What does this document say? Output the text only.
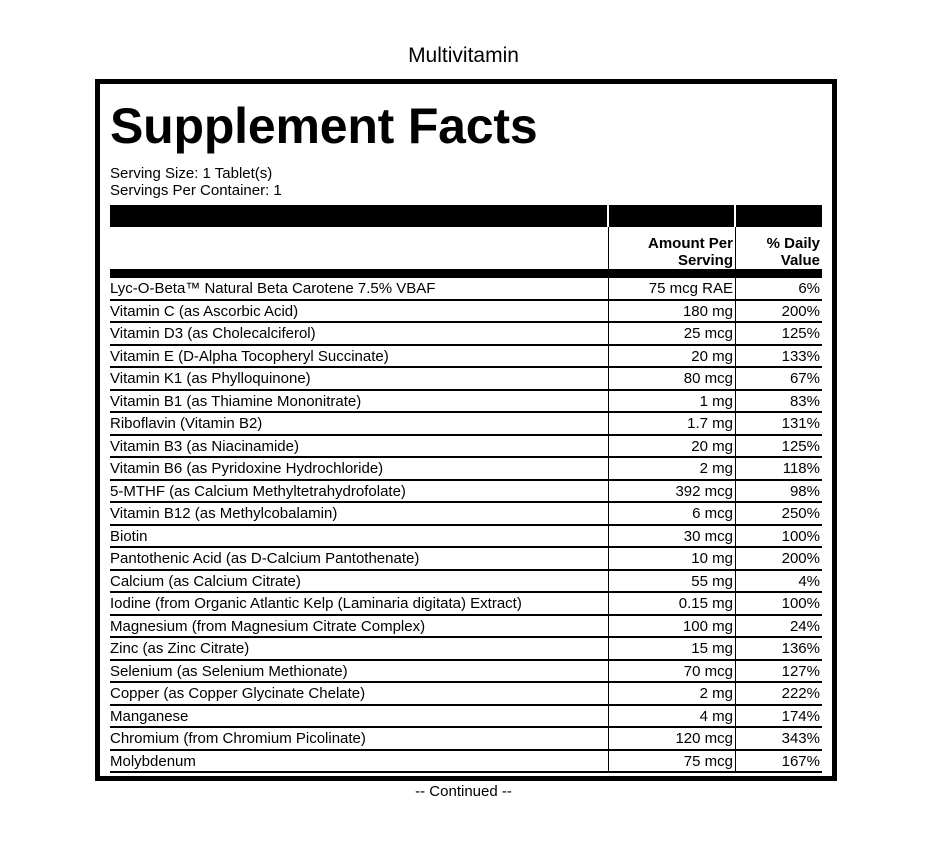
Multivitamin
Supplement Facts
Serving Size: 1 Tablet(s)
Servings Per Container: 1
Amount Per
Serving
% Daily
Value
Lyc-O-Beta™ Natural Beta Carotene 7.5% VBAF	75 mcg RAE	6%
Vitamin C (as Ascorbic Acid)	180 mg	200%
Vitamin D3 (as Cholecalciferol)	25 mcg	125%
Vitamin E (D-Alpha Tocopheryl Succinate)	20 mg	133%
Vitamin K1 (as Phylloquinone)	80 mcg	67%
Vitamin B1 (as Thiamine Mononitrate)	1 mg	83%
Riboflavin (Vitamin B2)	1.7 mg	131%
Vitamin B3 (as Niacinamide)	20 mg	125%
Vitamin B6 (as Pyridoxine Hydrochloride)	2 mg	118%
5-MTHF (as Calcium Methyltetrahydrofolate)	392 mcg	98%
Vitamin B12 (as Methylcobalamin)	6 mcg	250%
Biotin	30 mcg	100%
Pantothenic Acid (as D-Calcium Pantothenate)	10 mg	200%
Calcium (as Calcium Citrate)	55 mg	4%
Iodine (from Organic Atlantic Kelp (Laminaria digitata) Extract)	0.15 mg	100%
Magnesium (from Magnesium Citrate Complex)	100 mg	24%
Zinc (as Zinc Citrate)	15 mg	136%
Selenium (as Selenium Methionate)	70 mcg	127%
Copper (as Copper Glycinate Chelate)	2 mg	222%
Manganese	4 mg	174%
Chromium (from Chromium Picolinate)	120 mcg	343%
Molybdenum	75 mcg	167%
-- Continued --
